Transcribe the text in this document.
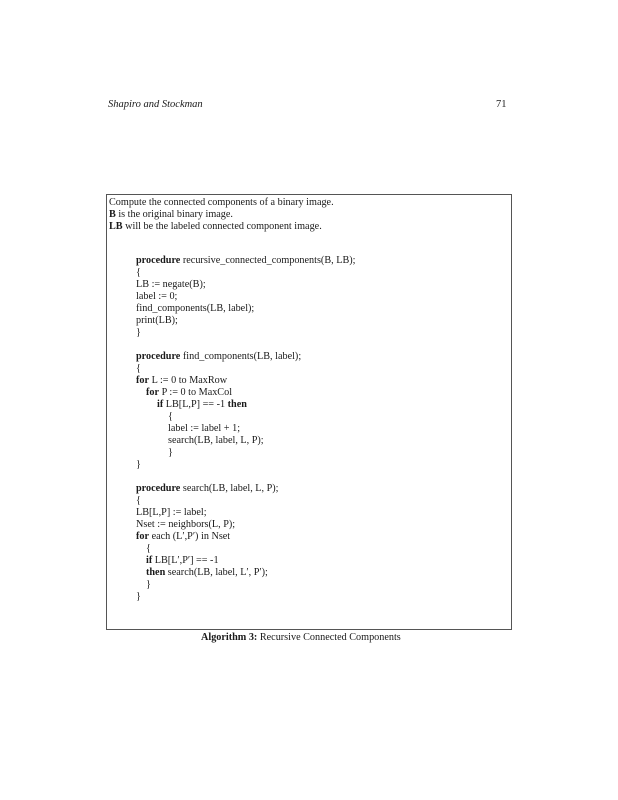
Shapiro and Stockman	71
Compute the connected components of a binary image.
B is the original binary image.
LB will be the labeled connected component image.
procedure recursive_connected_components(B, LB);
{
LB := negate(B);
label := 0;
find_components(LB, label);
print(LB);
}
procedure find_components(LB, label);
{
for L := 0 to MaxRow
for P := 0 to MaxCol
if LB[L,P] == -1 then
{
label := label + 1;
search(LB, label, L, P);
}
}
procedure search(LB, label, L, P);
{
LB[L,P] := label;
Nset := neighbors(L, P);
for each (L′,P′) in Nset
{
if LB[L′,P′] == -1
then search(LB, label, L′, P′);
}
}
Algorithm 3: Recursive Connected Components
